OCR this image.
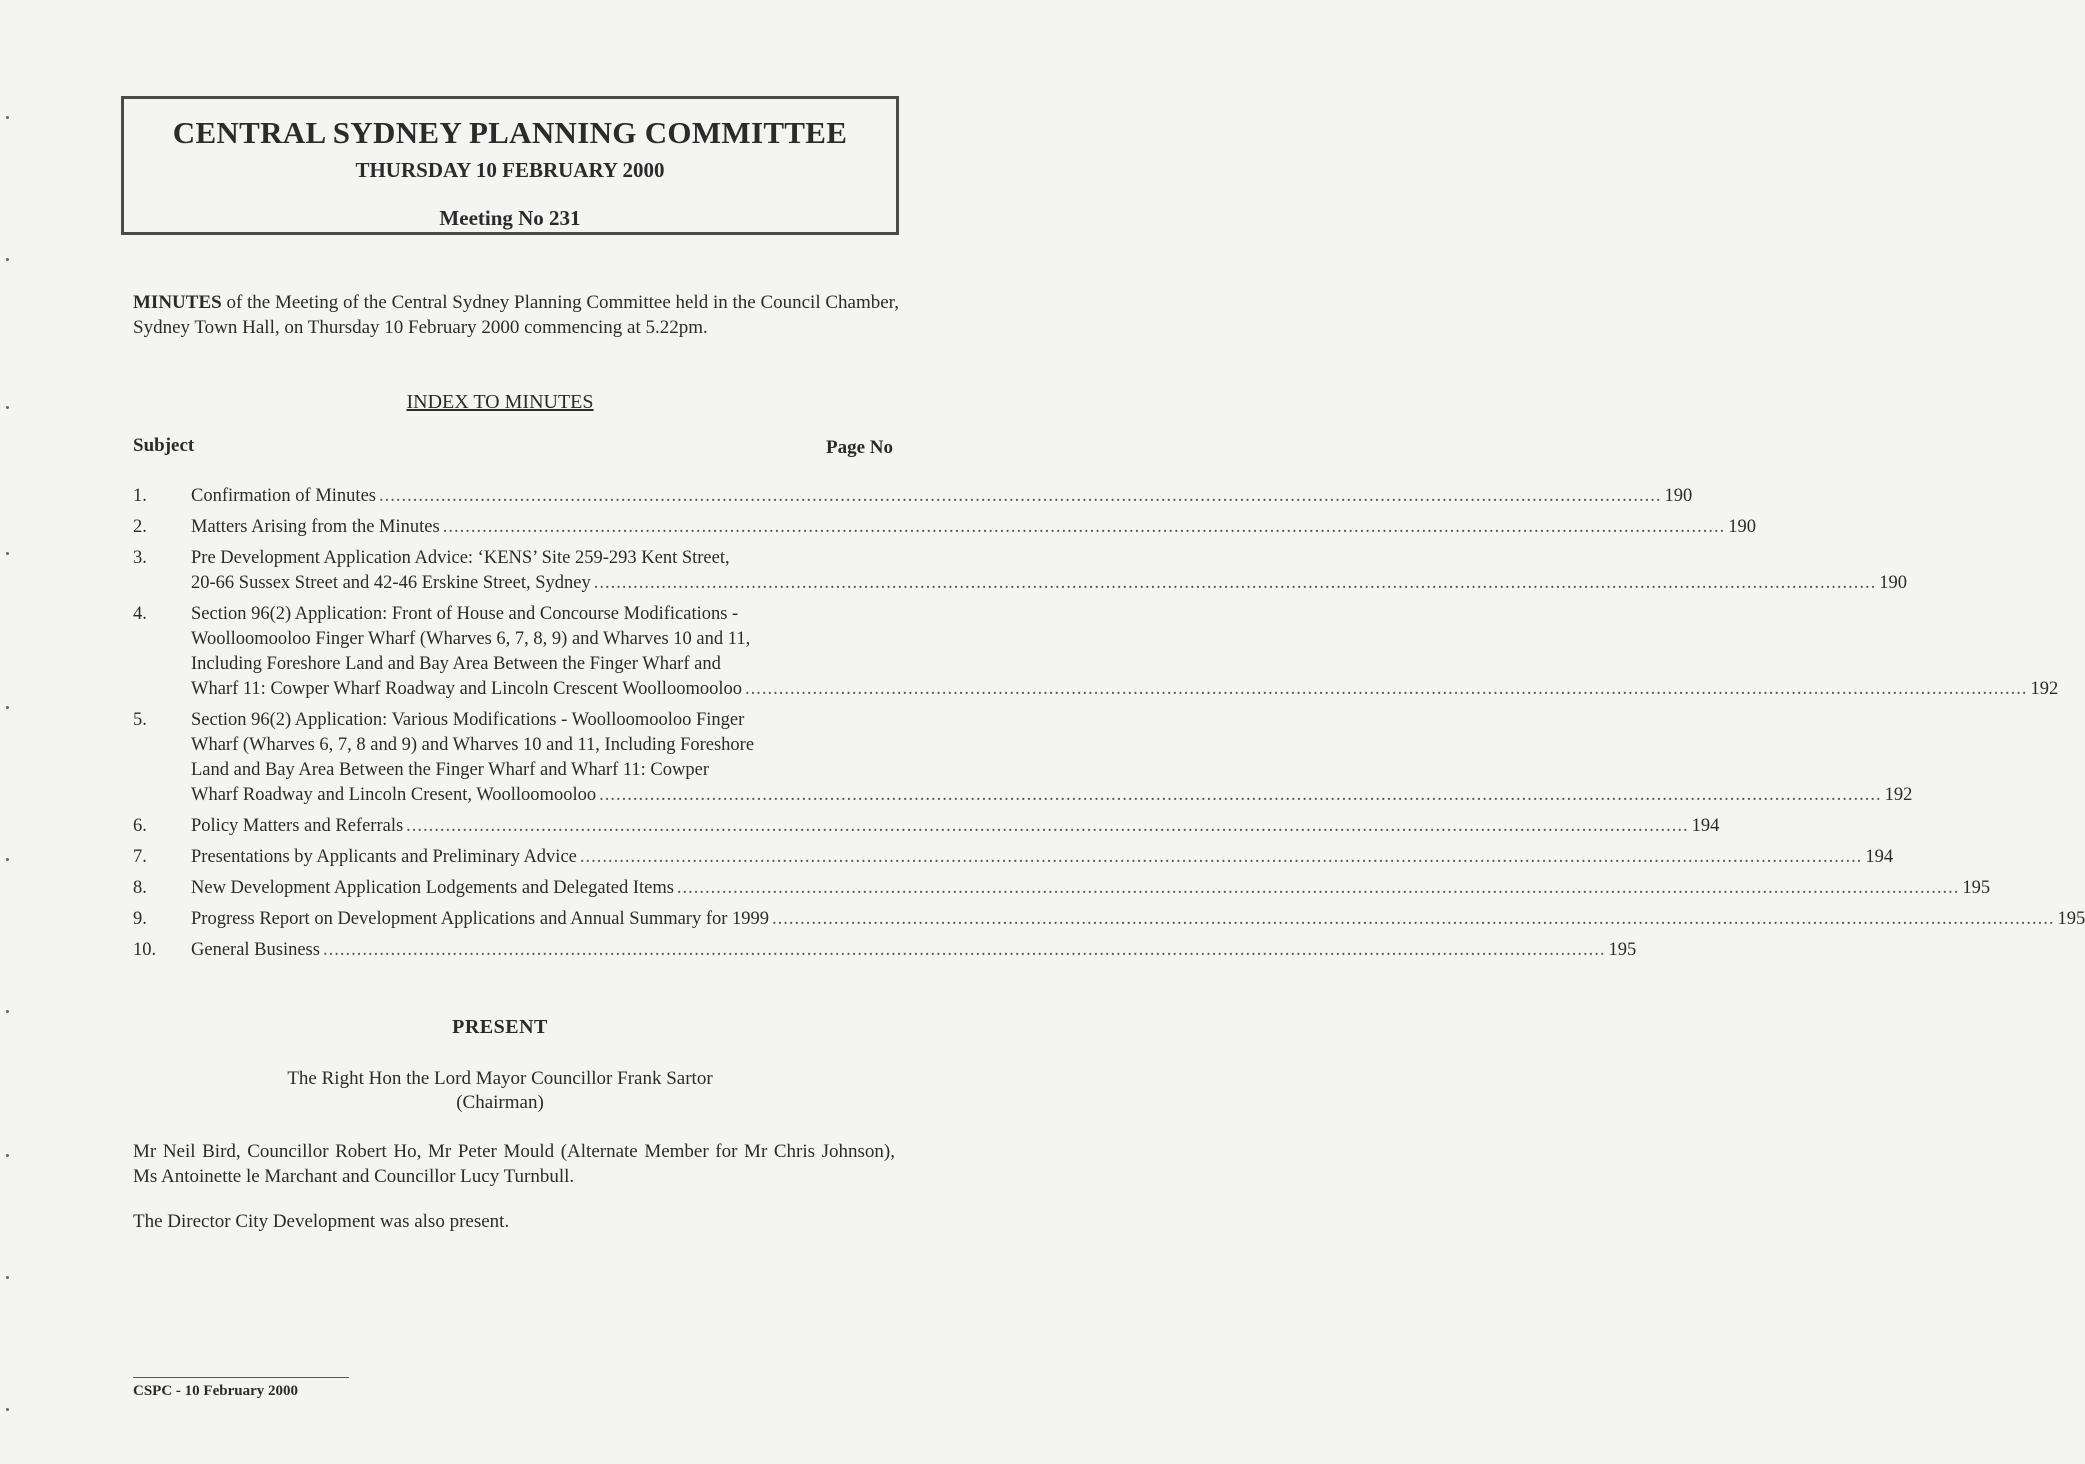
CENTRAL SYDNEY PLANNING COMMITTEE
THURSDAY 10 FEBRUARY 2000
Meeting No 231
MINUTES of the Meeting of the Central Sydney Planning Committee held in the Council Chamber, Sydney Town Hall, on Thursday 10 February 2000 commencing at 5.22pm.
INDEX TO MINUTES
Subject	Page No
1.	Confirmation of Minutes .....	190
2.	Matters Arising from the Minutes .....	190
3.	Pre Development Application Advice: ‘KENS’ Site 259-293 Kent Street,
20-66 Sussex Street and 42-46 Erskine Street, Sydney .....	190
4.	Section 96(2) Application: Front of House and Concourse Modifications -
Woolloomooloo Finger Wharf (Wharves 6, 7, 8, 9) and Wharves 10 and 11,
Including Foreshore Land and Bay Area Between the Finger Wharf and
Wharf 11: Cowper Wharf Roadway and Lincoln Crescent Woolloomooloo .....	192
5.	Section 96(2) Application: Various Modifications - Woolloomooloo Finger
Wharf (Wharves 6, 7, 8 and 9) and Wharves 10 and 11, Including Foreshore
Land and Bay Area Between the Finger Wharf and Wharf 11: Cowper
Wharf Roadway and Lincoln Cresent, Woolloomooloo .....	192
6.	Policy Matters and Referrals .....	194
7.	Presentations by Applicants and Preliminary Advice .....	194
8.	New Development Application Lodgements and Delegated Items .....	195
9.	Progress Report on Development Applications and Annual Summary for 1999 .....	195
10.	General Business .....	195
PRESENT
The Right Hon the Lord Mayor Councillor Frank Sartor
(Chairman)
Mr Neil Bird, Councillor Robert Ho, Mr Peter Mould (Alternate Member for Mr Chris Johnson), Ms Antoinette le Marchant and Councillor Lucy Turnbull.
The Director City Development was also present.
CSPC - 10 February 2000
